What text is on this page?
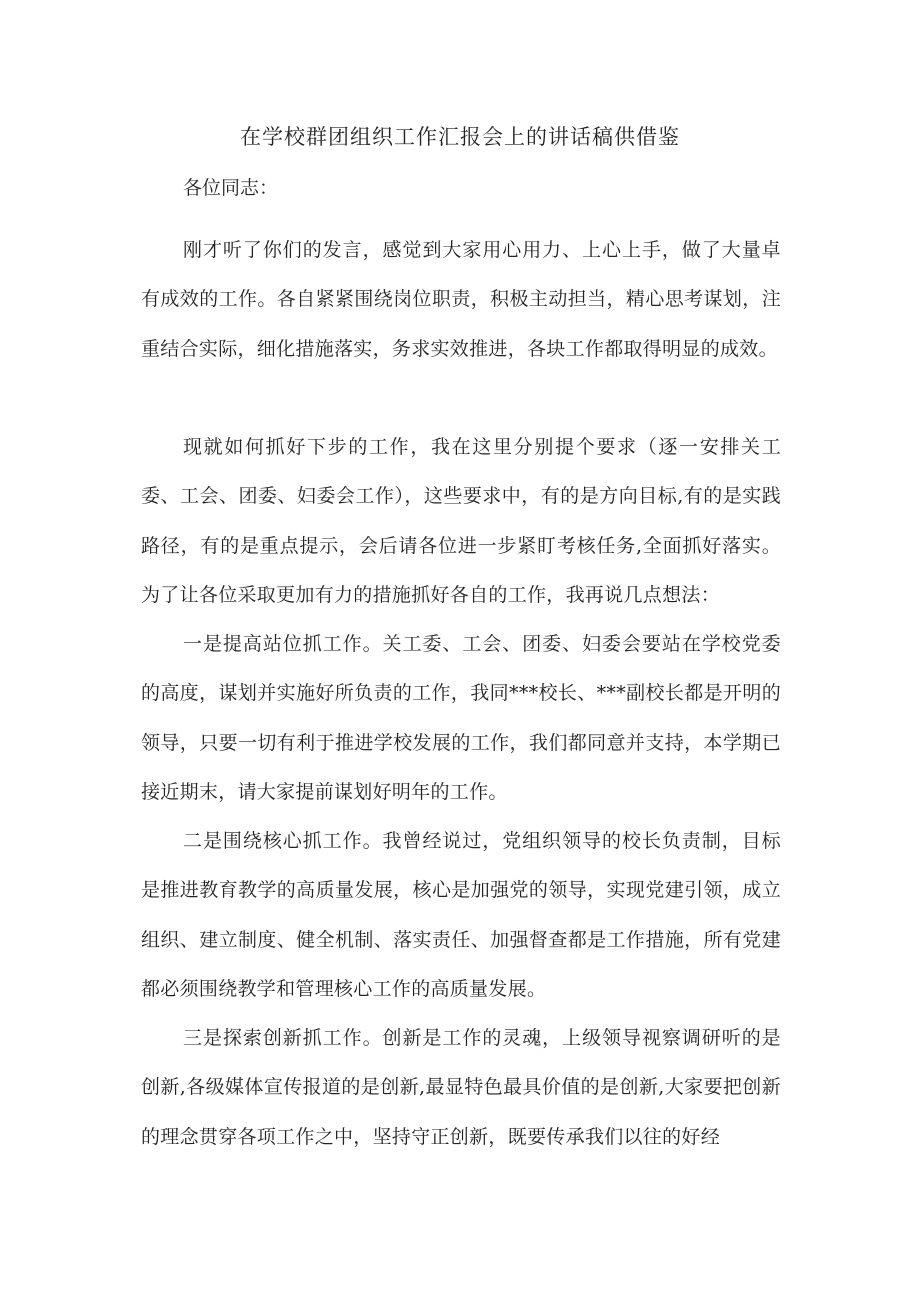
在学校群团组织工作汇报会上的讲话稿供借鉴

各位同志：

刚才听了你们的发言，感觉到大家用心用力、上心上手，做了大量卓有成效的工作。各自紧紧围绕岗位职责，积极主动担当，精心思考谋划，注重结合实际，细化措施落实，务求实效推进，各块工作都取得明显的成效。

现就如何抓好下步的工作，我在这里分别提个要求（逐一安排关工委、工会、团委、妇委会工作），这些要求中，有的是方向目标,有的是实践路径，有的是重点提示，会后请各位进一步紧盯考核任务,全面抓好落实。为了让各位采取更加有力的措施抓好各自的工作，我再说几点想法：

一是提高站位抓工作。关工委、工会、团委、妇委会要站在学校党委的高度，谋划并实施好所负责的工作，我同***校长、***副校长都是开明的领导，只要一切有利于推进学校发展的工作，我们都同意并支持，本学期已接近期末，请大家提前谋划好明年的工作。

二是围绕核心抓工作。我曾经说过，党组织领导的校长负责制，目标是推进教育教学的高质量发展，核心是加强党的领导，实现党建引领，成立组织、建立制度、健全机制、落实责任、加强督查都是工作措施，所有党建都必须围绕教学和管理核心工作的高质量发展。

三是探索创新抓工作。创新是工作的灵魂，上级领导视察调研听的是创新,各级媒体宣传报道的是创新,最显特色最具价值的是创新,大家要把创新的理念贯穿各项工作之中，坚持守正创新，既要传承我们以往的好经
